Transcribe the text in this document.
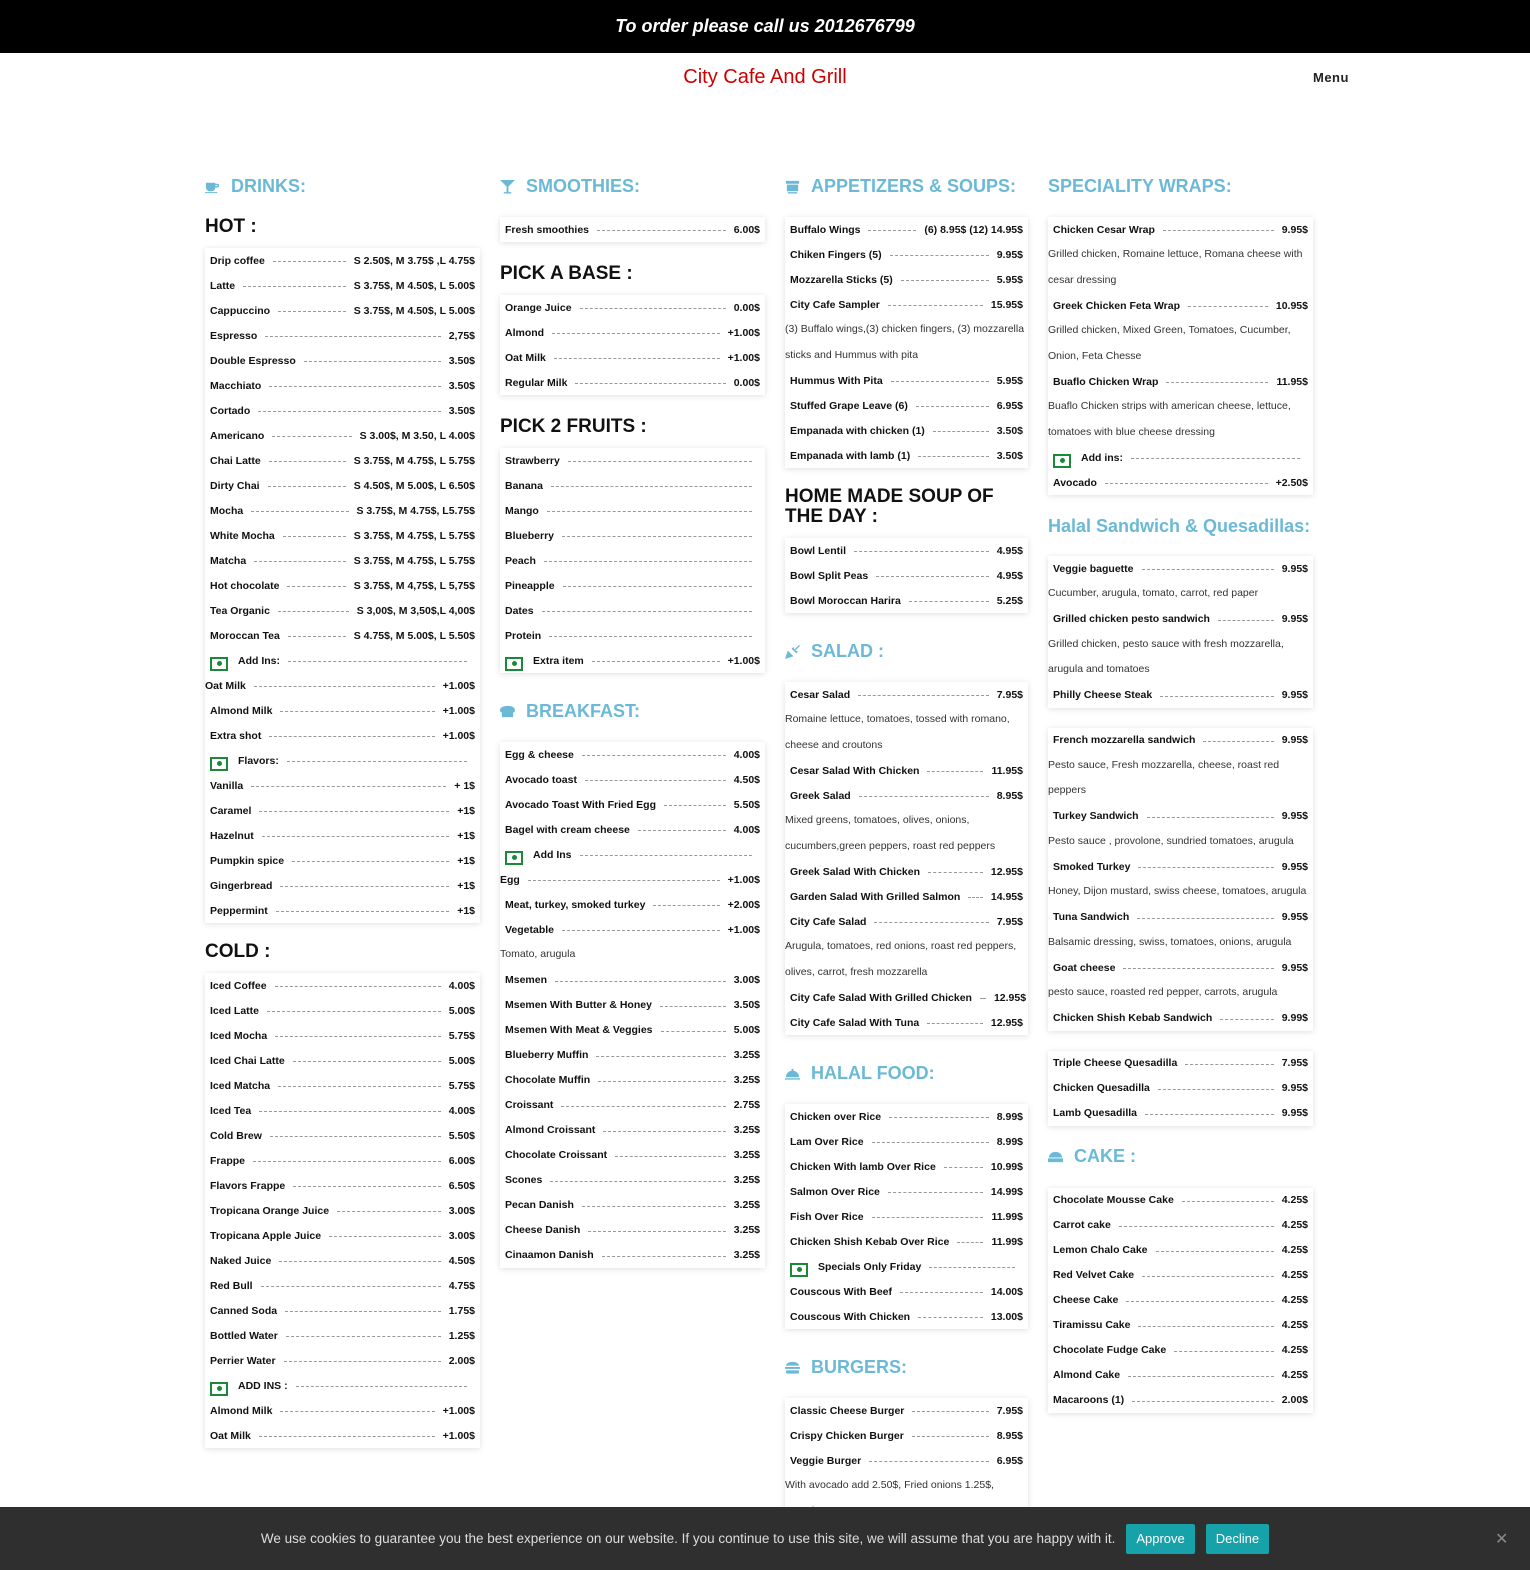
To order please call us 2012676799
City Cafe And Grill	Menu
DRINKS:
HOT :
Drip coffee	S 2.50$, M 3.75$ ,L 4.75$
Latte	S 3.75$, M 4.50$, L 5.00$
Cappuccino	S 3.75$, M 4.50$, L 5.00$
Espresso	2,75$
Double Espresso	3.50$
Macchiato	3.50$
Cortado	3.50$
Americano	S 3.00$, M 3.50, L 4.00$
Chai Latte	S 3.75$, M 4.75$, L 5.75$
Dirty Chai	S 4.50$, M 5.00$, L 6.50$
Mocha	S 3.75$, M 4.75$, L5.75$
White Mocha	S 3.75$, M 4.75$, L 5.75$
Matcha	S 3.75$, M 4.75$, L 5.75$
Hot chocolate	S 3.75$, M 4,75$, L 5,75$
Tea Organic	S 3,00$, M 3,50$,L 4,00$
Moroccan Tea	S 4.75$, M 5.00$, L 5.50$
Add Ins:
Oat Milk	+1.00$
Almond Milk	+1.00$
Extra shot	+1.00$
Flavors:
Vanilla	+ 1$
Caramel	+1$
Hazelnut	+1$
Pumpkin spice	+1$
Gingerbread	+1$
Peppermint	+1$
COLD :
Iced Coffee	4.00$
Iced Latte	5.00$
Iced Mocha	5.75$
Iced Chai Latte	5.00$
Iced Matcha	5.75$
Iced Tea	4.00$
Cold Brew	5.50$
Frappe	6.00$
Flavors Frappe	6.50$
Tropicana Orange Juice	3.00$
Tropicana Apple Juice	3.00$
Naked Juice	4.50$
Red Bull	4.75$
Canned Soda	1.75$
Bottled Water	1.25$
Perrier Water	2.00$
ADD INS :
Almond Milk	+1.00$
Oat Milk	+1.00$
SMOOTHIES:
Fresh smoothies	6.00$
PICK A BASE :
Orange Juice	0.00$
Almond	+1.00$
Oat Milk	+1.00$
Regular Milk	0.00$
PICK 2 FRUITS :
Strawberry
Banana
Mango
Blueberry
Peach
Pineapple
Dates
Protein
Extra item	+1.00$
BREAKFAST:
Egg & cheese	4.00$
Avocado toast	4.50$
Avocado Toast With Fried Egg	5.50$
Bagel with cream cheese	4.00$
Add Ins
Egg	+1.00$
Meat, turkey, smoked turkey	+2.00$
Vegetable	+1.00$
Tomato, arugula
Msemen	3.00$
Msemen With Butter & Honey	3.50$
Msemen With Meat & Veggies	5.00$
Blueberry Muffin	3.25$
Chocolate Muffin	3.25$
Croissant	2.75$
Almond Croissant	3.25$
Chocolate Croissant	3.25$
Scones	3.25$
Pecan Danish	3.25$
Cheese Danish	3.25$
Cinaamon Danish	3.25$
APPETIZERS & SOUPS:
Buffalo Wings	(6) 8.95$ (12) 14.95$
Chiken Fingers (5)	9.95$
Mozzarella Sticks (5)	5.95$
City Cafe Sampler	15.95$
(3) Buffalo wings,(3) chicken fingers, (3) mozzarella sticks and Hummus with pita
Hummus With Pita	5.95$
Stuffed Grape Leave (6)	6.95$
Empanada with chicken (1)	3.50$
Empanada with lamb (1)	3.50$
HOME MADE SOUP OF THE DAY :
Bowl Lentil	4.95$
Bowl Split Peas	4.95$
Bowl Moroccan Harira	5.25$
SALAD :
Cesar Salad	7.95$
Romaine lettuce, tomatoes, tossed with romano, cheese and croutons
Cesar Salad With Chicken	11.95$
Greek Salad	8.95$
Mixed greens, tomatoes, olives, onions, cucumbers,green peppers, roast red peppers
Greek Salad With Chicken	12.95$
Garden Salad With Grilled Salmon	14.95$
City Cafe Salad	7.95$
Arugula, tomatoes, red onions, roast red peppers, olives, carrot, fresh mozzarella
City Cafe Salad With Grilled Chicken 12.95$
City Cafe Salad With Tuna	12.95$
HALAL FOOD:
Chicken over Rice	8.99$
Lam Over Rice	8.99$
Chicken With lamb Over Rice	10.99$
Salmon Over Rice	14.99$
Fish Over Rice	11.99$
Chicken Shish Kebab Over Rice	11.99$
Specials Only Friday
Couscous With Beef	14.00$
Couscous With Chicken	13.00$
BURGERS:
Classic Cheese Burger	7.95$
Crispy Chicken Burger	8.95$
Veggie Burger	6.95$
With avocado add 2.50$, Fried onions 1.25$,
SPECIALITY WRAPS:
Chicken Cesar Wrap	9.95$
Grilled chicken, Romaine lettuce, Romana cheese with cesar dressing
Greek Chicken Feta Wrap	10.95$
Grilled chicken, Mixed Green, Tomatoes, Cucumber, Onion, Feta Chesse
Buaflo Chicken Wrap	11.95$
Buaflo Chicken strips with american cheese, lettuce, tomatoes with blue cheese dressing
Add ins:
Avocado	+2.50$
Halal Sandwich & Quesadillas:
Veggie baguette	9.95$
Cucumber, arugula, tomato, carrot, red paper
Grilled chicken pesto sandwich	9.95$
Grilled chicken, pesto sauce with fresh mozzarella, arugula and tomatoes
Philly Cheese Steak	9.95$
French mozzarella sandwich	9.95$
Pesto sauce, Fresh mozzarella, cheese, roast red peppers
Turkey Sandwich	9.95$
Pesto sauce , provolone, sundried tomatoes, arugula
Smoked Turkey	9.95$
Honey, Dijon mustard, swiss cheese, tomatoes, arugula
Tuna Sandwich	9.95$
Balsamic dressing, swiss, tomatoes, onions, arugula
Goat cheese	9.95$
pesto sauce, roasted red pepper, carrots, arugula
Chicken Shish Kebab Sandwich	9.99$
Triple Cheese Quesadilla	7.95$
Chicken Quesadilla	9.95$
Lamb Quesadilla	9.95$
CAKE :
Chocolate Mousse Cake	4.25$
Carrot cake	4.25$
Lemon Chalo Cake	4.25$
Red Velvet Cake	4.25$
Cheese Cake	4.25$
Tiramissu Cake	4.25$
Chocolate Fudge Cake	4.25$
Almond Cake	4.25$
Macaroons (1)	2.00$
We use cookies to guarantee you the best experience on our website. If you continue to use this site, we will assume that you are happy with it.	Approve	Decline	✕
